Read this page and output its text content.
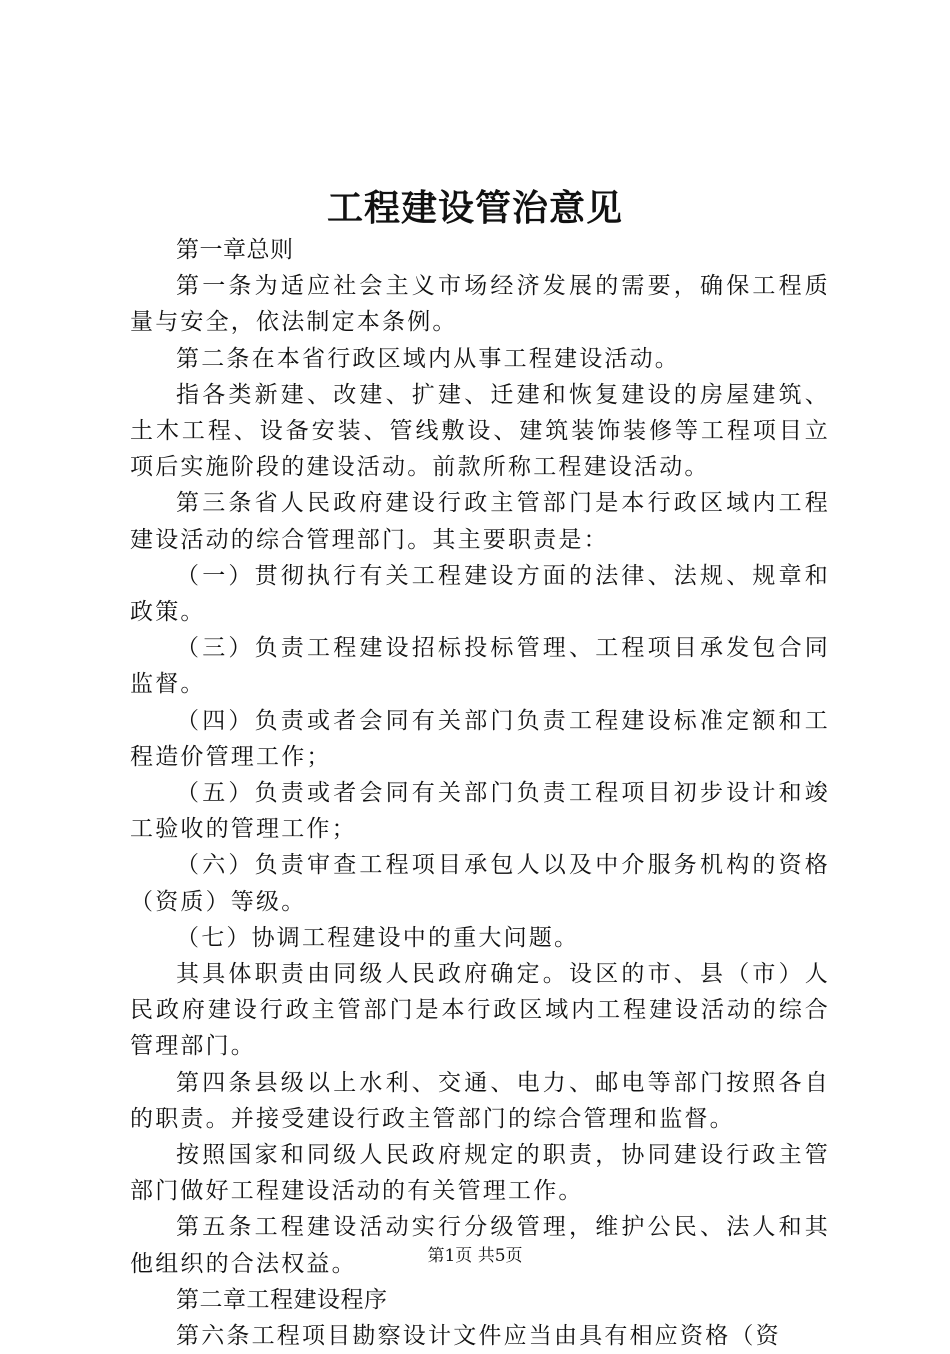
工程建设管治意见

第一章总则

第一条为适应社会主义市场经济发展的需要，确保工程质量与安全，依法制定本条例。

第二条在本省行政区域内从事工程建设活动。

指各类新建、改建、扩建、迁建和恢复建设的房屋建筑、土木工程、设备安装、管线敷设、建筑装饰装修等工程项目立项后实施阶段的建设活动。前款所称工程建设活动。

第三条省人民政府建设行政主管部门是本行政区域内工程建设活动的综合管理部门。其主要职责是：

（一）贯彻执行有关工程建设方面的法律、法规、规章和政策。

（三）负责工程建设招标投标管理、工程项目承发包合同监督。

（四）负责或者会同有关部门负责工程建设标准定额和工程造价管理工作；

（五）负责或者会同有关部门负责工程项目初步设计和竣工验收的管理工作；

（六）负责审查工程项目承包人以及中介服务机构的资格（资质）等级。

（七）协调工程建设中的重大问题。

其具体职责由同级人民政府确定。设区的市、县（市）人民政府建设行政主管部门是本行政区域内工程建设活动的综合管理部门。

第四条县级以上水利、交通、电力、邮电等部门按照各自的职责。并接受建设行政主管部门的综合管理和监督。

按照国家和同级人民政府规定的职责，协同建设行政主管部门做好工程建设活动的有关管理工作。

第五条工程建设活动实行分级管理，维护公民、法人和其他组织的合法权益。

第二章工程建设程序

第六条工程项目勘察设计文件应当由具有相应资格（资

第1页 共5页
